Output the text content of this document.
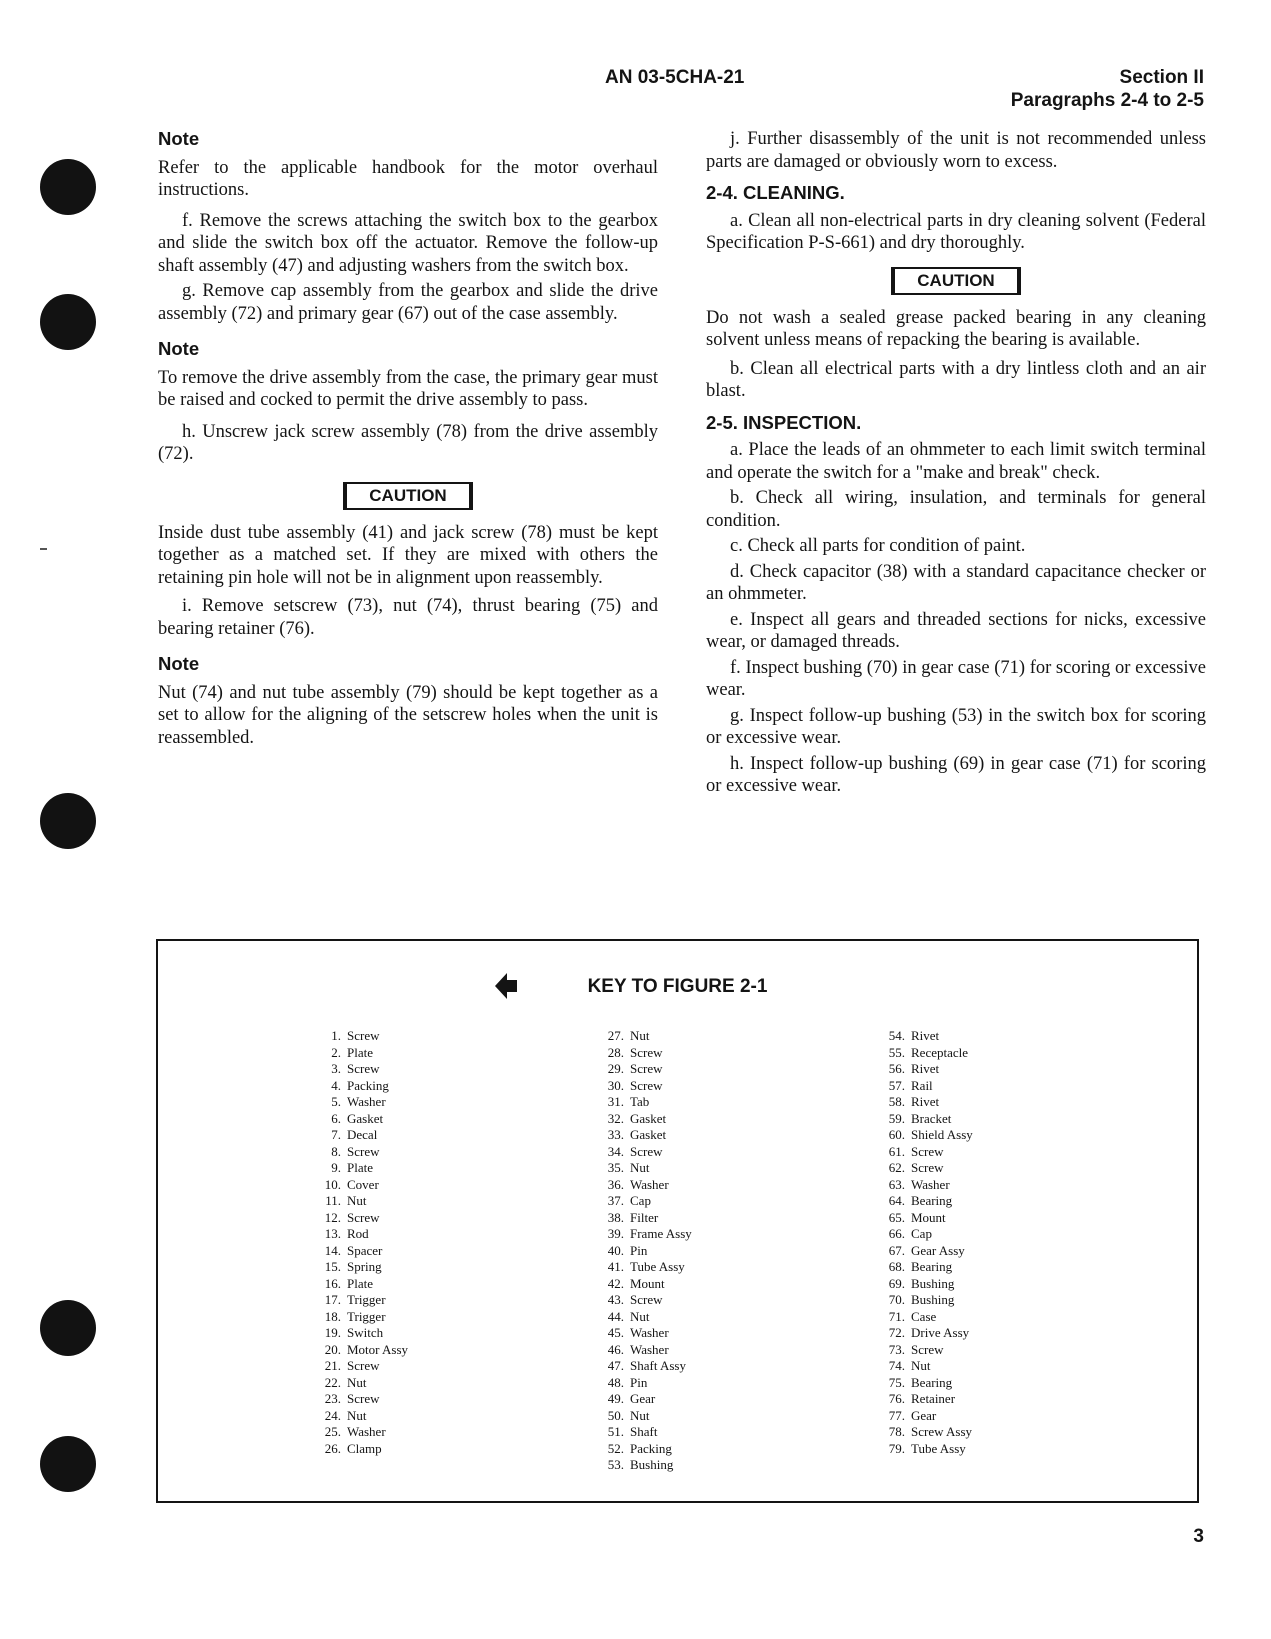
AN 03-5CHA-21	Section II
Paragraphs 2-4 to 2-5

Note

Refer to the applicable handbook for the motor overhaul instructions.

f. Remove the screws attaching the switch box to the gearbox and slide the switch box off the actuator. Remove the follow-up shaft assembly (47) and adjusting washers from the switch box.

g. Remove cap assembly from the gearbox and slide the drive assembly (72) and primary gear (67) out of the case assembly.

Note

To remove the drive assembly from the case, the primary gear must be raised and cocked to permit the drive assembly to pass.

h. Unscrew jack screw assembly (78) from the drive assembly (72).

CAUTION

Inside dust tube assembly (41) and jack screw (78) must be kept together as a matched set. If they are mixed with others the retaining pin hole will not be in alignment upon reassembly.

i. Remove setscrew (73), nut (74), thrust bearing (75) and bearing retainer (76).

Note

Nut (74) and nut tube assembly (79) should be kept together as a set to allow for the aligning of the setscrew holes when the unit is reassembled.

j. Further disassembly of the unit is not recommended unless parts are damaged or obviously worn to excess.

2-4. CLEANING.

a. Clean all non-electrical parts in dry cleaning solvent (Federal Specification P-S-661) and dry thoroughly.

CAUTION

Do not wash a sealed grease packed bearing in any cleaning solvent unless means of repacking the bearing is available.

b. Clean all electrical parts with a dry lintless cloth and an air blast.

2-5. INSPECTION.

a. Place the leads of an ohmmeter to each limit switch terminal and operate the switch for a "make and break" check.

b. Check all wiring, insulation, and terminals for general condition.

c. Check all parts for condition of paint.

d. Check capacitor (38) with a standard capacitance checker or an ohmmeter.

e. Inspect all gears and threaded sections for nicks, excessive wear, or damaged threads.

f. Inspect bushing (70) in gear case (71) for scoring or excessive wear.

g. Inspect follow-up bushing (53) in the switch box for scoring or excessive wear.

h. Inspect follow-up bushing (69) in gear case (71) for scoring or excessive wear.

KEY TO FIGURE 2-1
1. Screw
2. Plate
3. Screw
4. Packing
5. Washer
6. Gasket
7. Decal
8. Screw
9. Plate
10. Cover
11. Nut
12. Screw
13. Rod
14. Spacer
15. Spring
16. Plate
17. Trigger
18. Trigger
19. Switch
20. Motor Assy
21. Screw
22. Nut
23. Screw
24. Nut
25. Washer
26. Clamp
27. Nut
28. Screw
29. Screw
30. Screw
31. Tab
32. Gasket
33. Gasket
34. Screw
35. Nut
36. Washer
37. Cap
38. Filter
39. Frame Assy
40. Pin
41. Tube Assy
42. Mount
43. Screw
44. Nut
45. Washer
46. Washer
47. Shaft Assy
48. Pin
49. Gear
50. Nut
51. Shaft
52. Packing
53. Bushing
54. Rivet
55. Receptacle
56. Rivet
57. Rail
58. Rivet
59. Bracket
60. Shield Assy
61. Screw
62. Screw
63. Washer
64. Bearing
65. Mount
66. Cap
67. Gear Assy
68. Bearing
69. Bushing
70. Bushing
71. Case
72. Drive Assy
73. Screw
74. Nut
75. Bearing
76. Retainer
77. Gear
78. Screw Assy
79. Tube Assy
3
